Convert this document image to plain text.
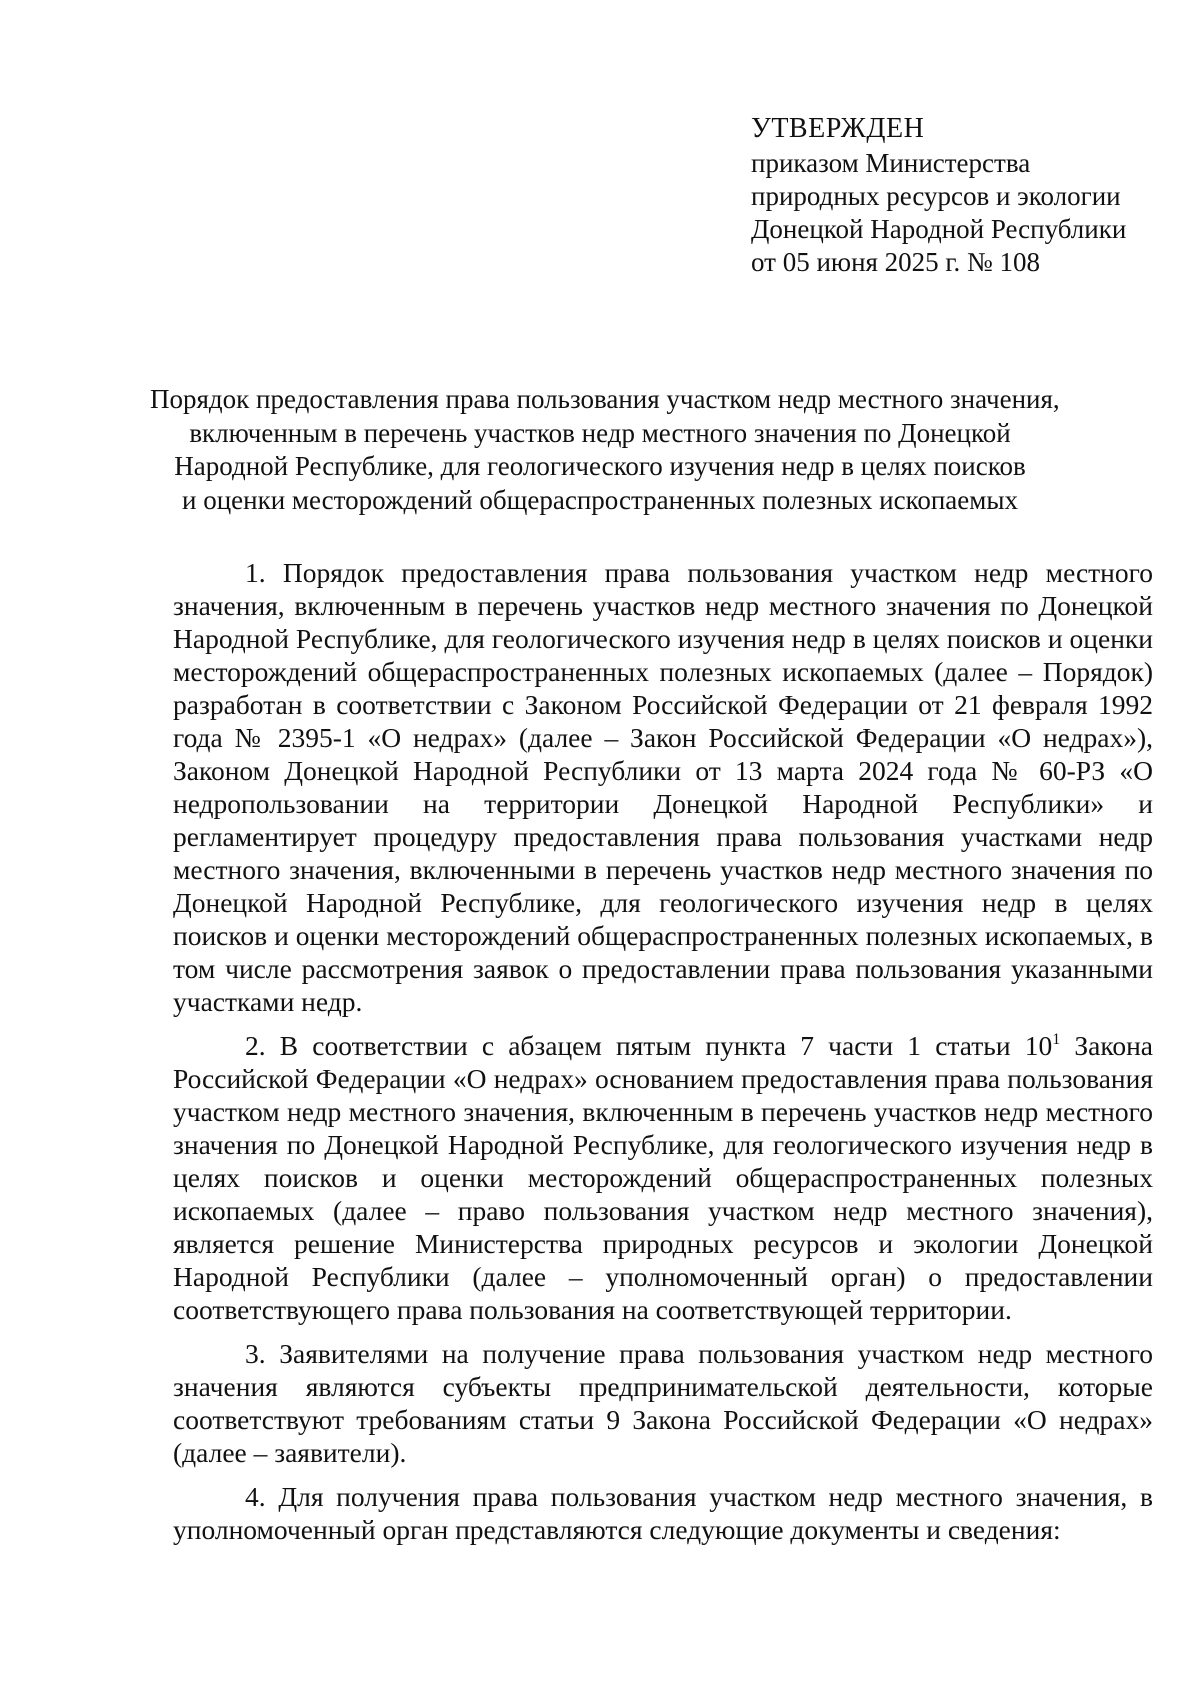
УТВЕРЖДЕН
приказом Министерства
природных ресурсов и экологии
Донецкой Народной Республики
от 05 июня 2025 г. № 108
Порядок предоставления права пользования участком недр местного значения,
включенным в перечень участков недр местного значения по Донецкой
Народной Республике, для геологического изучения недр в целях поисков
и оценки месторождений общераспространенных полезных ископаемых

1. Порядок предоставления права пользования участком недр местного значения, включенным в перечень участков недр местного значения по Донецкой Народной Республике, для геологического изучения недр в целях поисков и оценки месторождений общераспространенных полезных ископаемых (далее – Порядок) разработан в соответствии с Законом Российской Федерации от 21 февраля 1992 года № 2395-1 «О недрах» (далее – Закон Российской Федерации «О недрах»), Законом Донецкой Народной Республики от 13 марта 2024 года № 60-РЗ «О недропользовании на территории Донецкой Народной Республики» и регламентирует процедуру предоставления права пользования участками недр местного значения, включенными в перечень участков недр местного значения по Донецкой Народной Республике, для геологического изучения недр в целях поисков и оценки месторождений общераспространенных полезных ископаемых, в том числе рассмотрения заявок о предоставлении права пользования указанными участками недр.

2. В соответствии с абзацем пятым пункта 7 части 1 статьи $10^1$ Закона Российской Федерации «О недрах» основанием предоставления права пользования участком недр местного значения, включенным в перечень участков недр местного значения по Донецкой Народной Республике, для геологического изучения недр в целях поисков и оценки месторождений общераспространенных полезных ископаемых (далее – право пользования участком недр местного значения), является решение Министерства природных ресурсов и экологии Донецкой Народной Республики (далее – уполномоченный орган) о предоставлении соответствующего права пользования на соответствующей территории.

3. Заявителями на получение права пользования участком недр местного значения являются субъекты предпринимательской деятельности, которые соответствуют требованиям статьи 9 Закона Российской Федерации «О недрах» (далее – заявители).

4. Для получения права пользования участком недр местного значения, в уполномоченный орган представляются следующие документы и сведения:
